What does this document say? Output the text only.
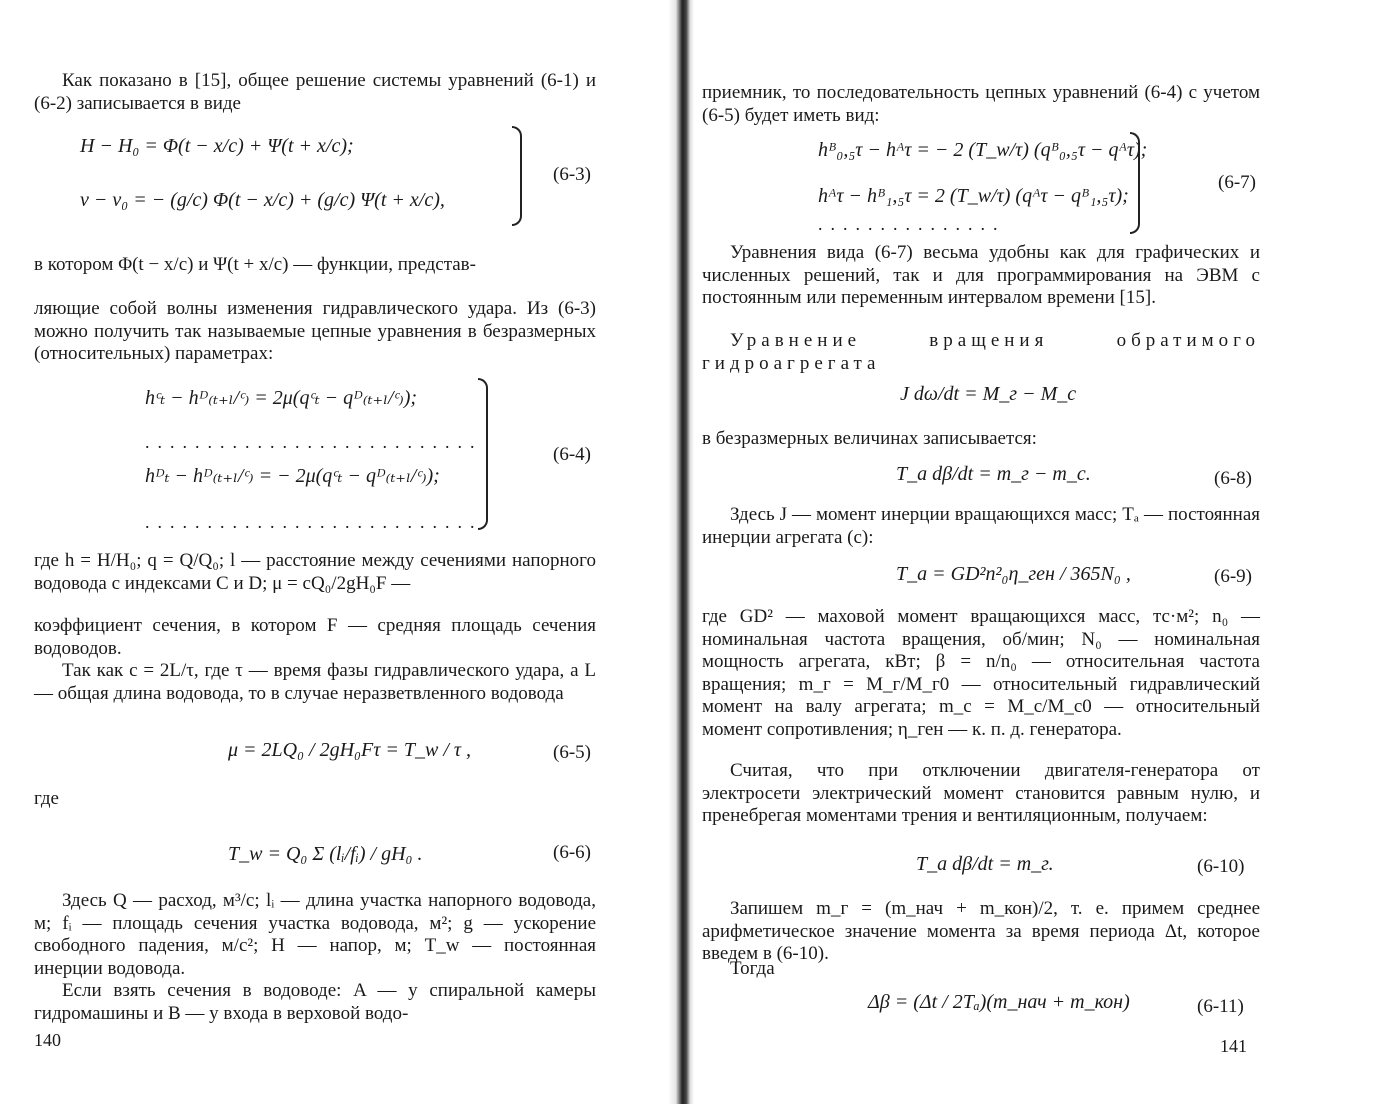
Как показано в [15], общее решение системы уравнений (6-1) и (6-2) записывается в виде

H − H₀ = Φ(t − x/c) + Ψ(t + x/c);
v − v₀ = − (g/c) Φ(t − x/c) + (g/c) Ψ(t + x/c),
(6-3)

в котором Φ(t − x/c) и Ψ(t + x/c) — функции, представ-

ляющие собой волны изменения гидравлического удара. Из (6-3) можно получить так называемые цепные уравнения в безразмерных (относительных) параметрах:

hᶜₜ − hᴰ₍ₜ₊ₗ/ᶜ₎ = 2μ(qᶜₜ − qᴰ₍ₜ₊ₗ/ᶜ₎);
...........................
hᴰₜ − hᴰ₍ₜ₊ₗ/ᶜ₎ = − 2μ(qᶜₜ − qᴰ₍ₜ₊ₗ/ᶜ₎);
...........................
(6-4)

где h = H/H₀; q = Q/Q₀; l — расстояние между сечениями напорного водовода с индексами C и D; μ = cQ₀/2gH₀F —

коэффициент сечения, в котором F — средняя площадь сечения водоводов.

Так как c = 2L/τ, где τ — время фазы гидравлического удара, а L — общая длина водовода, то в случае неразветвленного водовода

μ = 2LQ₀ / 2gH₀Fτ = T_w / τ ,	(6-5)

где

T_w = Q₀ Σ (lᵢ/fᵢ) / gH₀ .	(6-6)

Здесь Q — расход, м³/с; lᵢ — длина участка напорного водовода, м; fᵢ — площадь сечения участка водовода, м²; g — ускорение свободного падения, м/с²; H — напор, м; T_w — постоянная инерции водовода.

Если взять сечения в водоводе: A — у спиральной камеры гидромашины и B — у входа в верховой водо-

140

приемник, то последовательность цепных уравнений (6-4) с учетом (6-5) будет иметь вид:

hᴮ₀,₅τ − hᴬτ = − 2 (T_w/τ) (qᴮ₀,₅τ − qᴬτ);
hᴬτ − hᴮ₁,₅τ = 2 (T_w/τ) (qᴬτ − qᴮ₁,₅τ);
...............
(6-7)

Уравнения вида (6-7) весьма удобны как для графических и численных решений, так и для программирования на ЭВМ с постоянным или переменным интервалом времени [15].

Уравнение вращения обратимого гидроагрегата

J dω/dt = M_г − M_с

в безразмерных величинах записывается:

T_a dβ/dt = m_г − m_с.	(6-8)

Здесь J — момент инерции вращающихся масс; Tₐ — постоянная инерции агрегата (с):

T_a = GD²n²₀η_ген / 365N₀ ,	(6-9)

где GD² — маховой момент вращающихся масс, тс·м²; n₀ — номинальная частота вращения, об/мин; N₀ — номинальная мощность агрегата, кВт; β = n/n₀ — относительная частота вращения; m_г = M_г/M_г0 — относительный гидравлический момент на валу агрегата; m_с = M_с/M_с0 — относительный момент сопротивления; η_ген — к. п. д. генератора.

Считая, что при отключении двигателя-генератора от электросети электрический момент становится равным нулю, и пренебрегая моментами трения и вентиляционным, получаем:

T_a dβ/dt = m_г.	(6-10)

Запишем m_г = (m_нач + m_кон)/2, т. е. примем среднее арифметическое значение момента за время периода Δt, которое введем в (6-10).

Тогда

Δβ = (Δt / 2Tₐ)(m_нач + m_кон)	(6-11)
141
